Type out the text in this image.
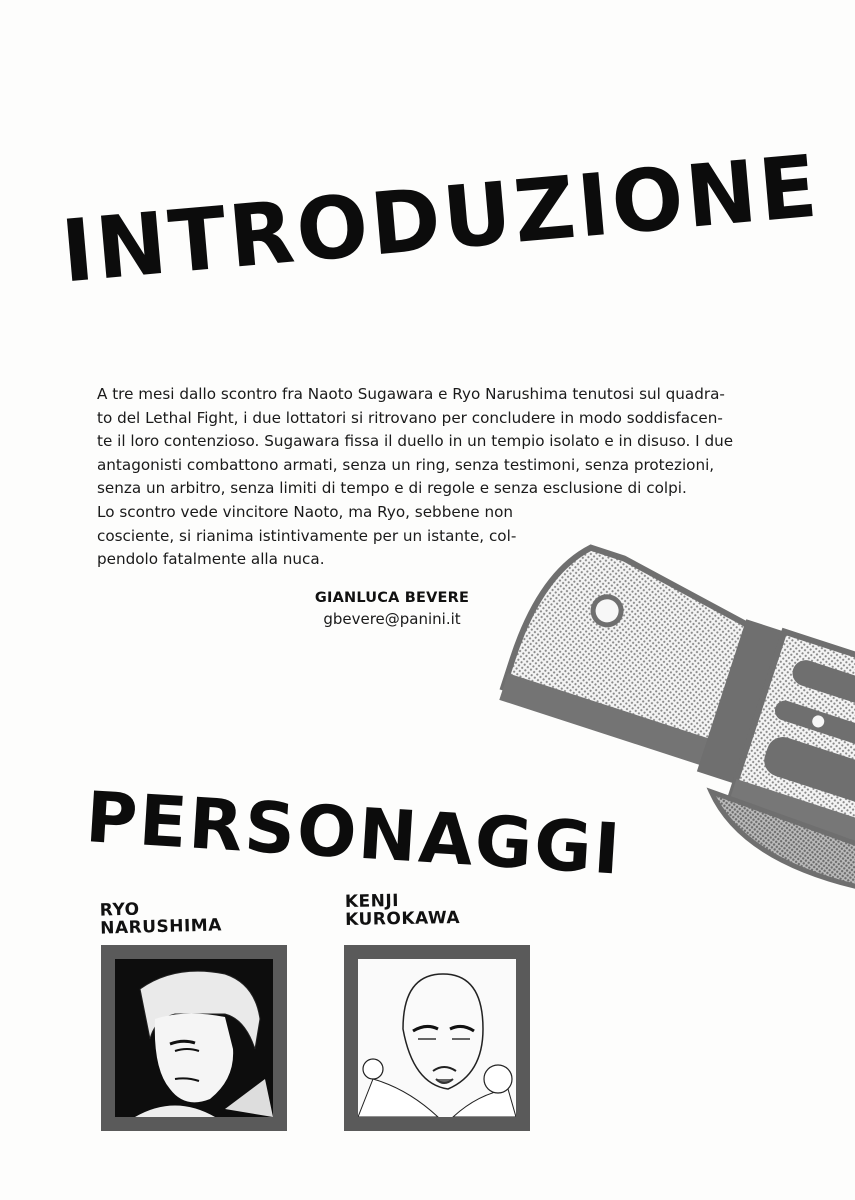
INTRODUZIONE
A tre mesi dallo scontro fra Naoto Sugawara e Ryo Narushima tenutosi sul quadra-
to del Lethal Fight, i due lottatori si ritrovano per concludere in modo soddisfacen-
te il loro contenzioso. Sugawara fissa il duello in un tempio isolato e in disuso. I due
antagonisti combattono armati, senza un ring, senza testimoni, senza protezioni,
senza un arbitro, senza limiti di tempo e di regole e senza esclusione di colpi.
Lo scontro vede vincitore Naoto, ma Ryo, sebbene non
cosciente, si rianima istintivamente per un istante, col-
pendolo fatalmente alla nuca.
GIANLUCA BEVERE
gbevere@panini.it
PERSONAGGI
RYO
NARUSHIMA
KENJI
KUROKAWA
